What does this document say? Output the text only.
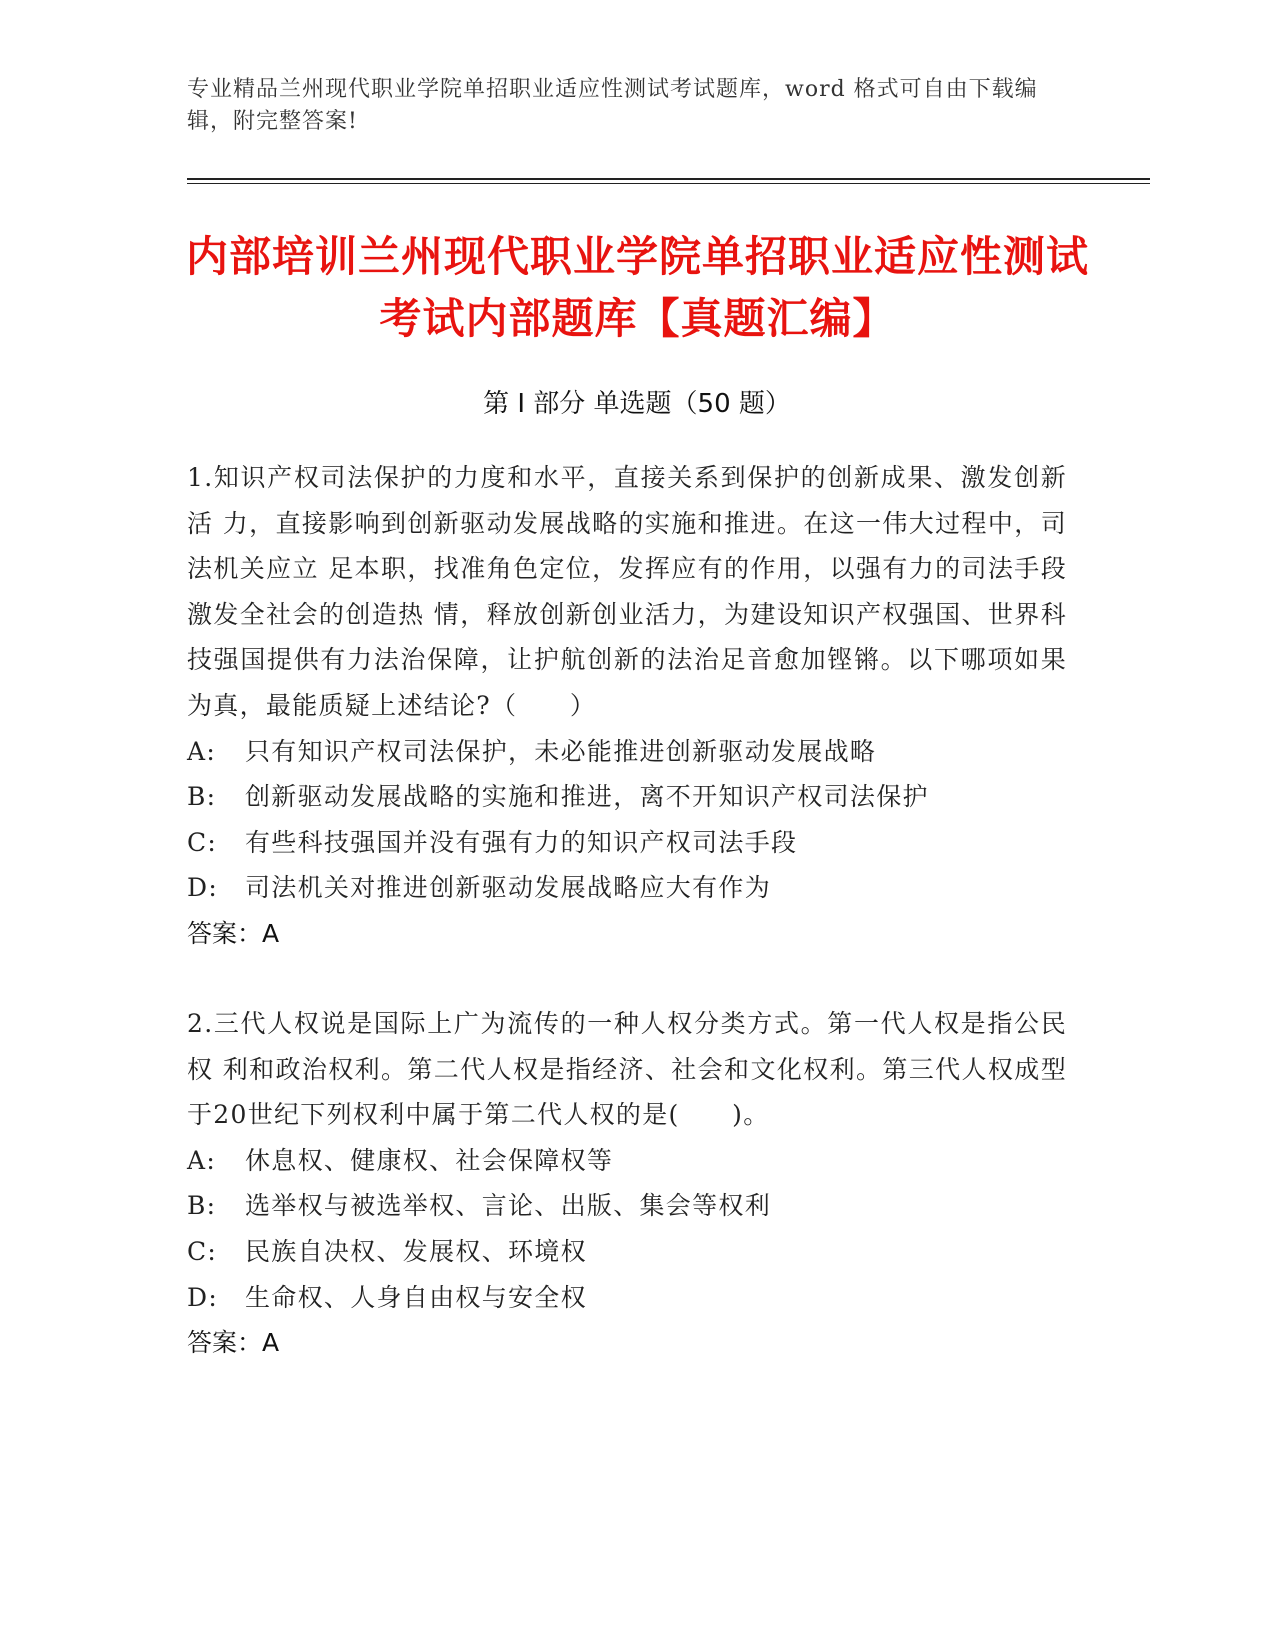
专业精品兰州现代职业学院单招职业适应性测试考试题库，word 格式可自由下载编辑，附完整答案!
内部培训兰州现代职业学院单招职业适应性测试考试内部题库【真题汇编】
第 I 部分 单选题（50 题）

1.知识产权司法保护的力度和水平，直接关系到保护的创新成果、激发创新活 力，直接影响到创新驱动发展战略的实施和推进。在这一伟大过程中，司法机关应立 足本职，找准角色定位，发挥应有的作用，以强有力的司法手段激发全社会的创造热 情，释放创新创业活力，为建设知识产权强国、世界科技强国提供有力法治保障，让护航创新的法治足音愈加铿锵。以下哪项如果为真，最能质疑上述结论?（　　）

A: 只有知识产权司法保护，未必能推进创新驱动发展战略

B: 创新驱动发展战略的实施和推进，离不开知识产权司法保护

C: 有些科技强国并没有强有力的知识产权司法手段

D: 司法机关对推进创新驱动发展战略应大有作为

答案：A

2.三代人权说是国际上广为流传的一种人权分类方式。第一代人权是指公民权 利和政治权利。第二代人权是指经济、社会和文化权利。第三代人权成型于20世纪下列权利中属于第二代人权的是(　　)。

A: 休息权、健康权、社会保障权等

B: 选举权与被选举权、言论、出版、集会等权利

C: 民族自决权、发展权、环境权

D: 生命权、人身自由权与安全权

答案：A
